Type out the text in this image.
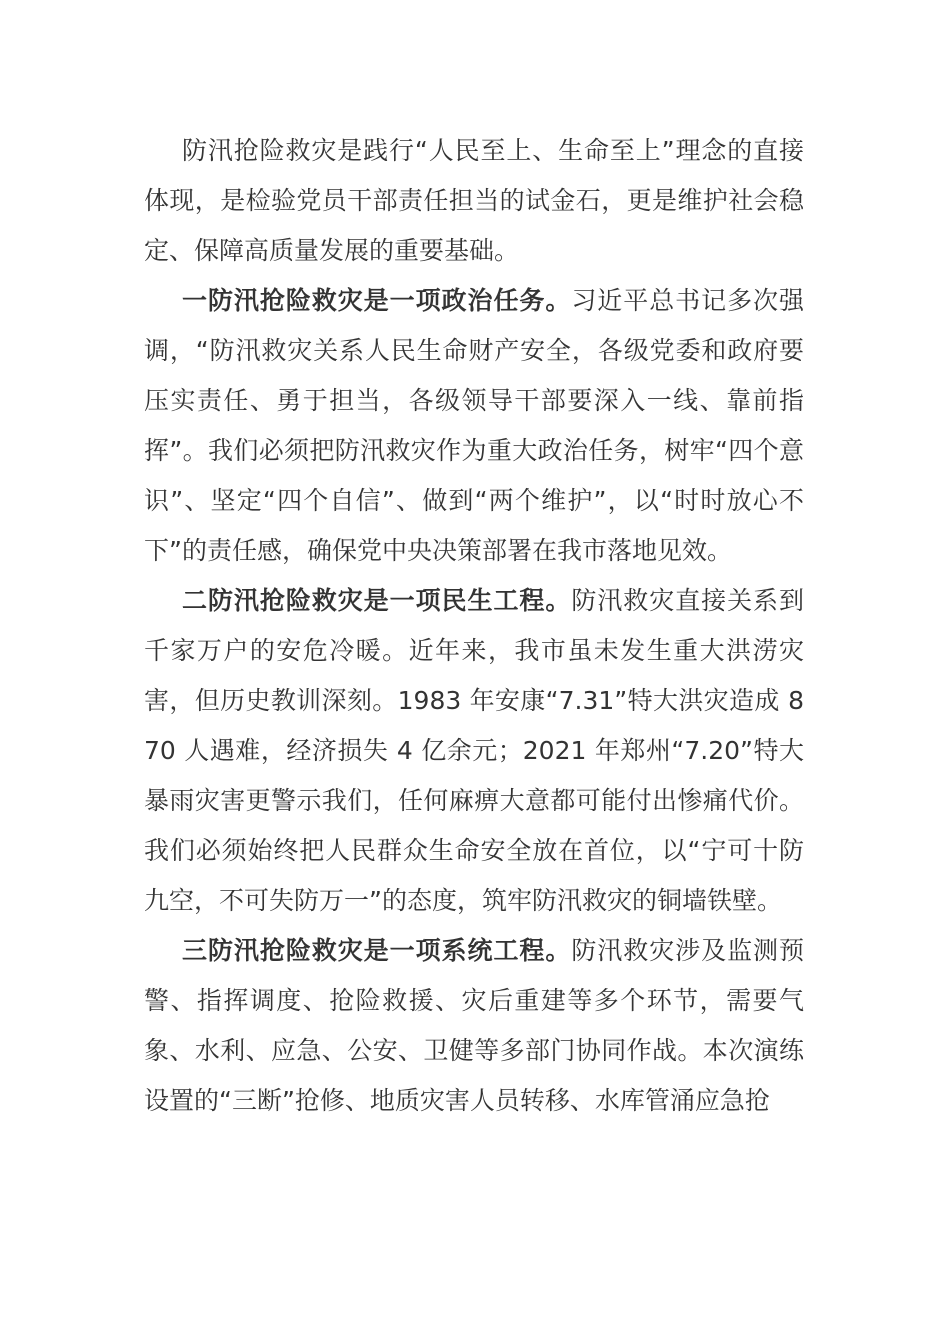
防汛抢险救灾是践行“人民至上、生命至上”理念的直接体现，是检验党员干部责任担当的试金石，更是维护社会稳定、保障高质量发展的重要基础。

一防汛抢险救灾是一项政治任务。习近平总书记多次强调，“防汛救灾关系人民生命财产安全，各级党委和政府要压实责任、勇于担当，各级领导干部要深入一线、靠前指挥”。我们必须把防汛救灾作为重大政治任务，树牢“四个意识”、坚定“四个自信”、做到“两个维护”，以“时时放心不下”的责任感，确保党中央决策部署在我市落地见效。

二防汛抢险救灾是一项民生工程。防汛救灾直接关系到千家万户的安危冷暖。近年来，我市虽未发生重大洪涝灾害，但历史教训深刻。1983 年安康“7.31”特大洪灾造成 870 人遇难，经济损失 4 亿余元；2021 年郑州“7.20”特大暴雨灾害更警示我们，任何麻痹大意都可能付出惨痛代价。我们必须始终把人民群众生命安全放在首位，以“宁可十防九空，不可失防万一”的态度，筑牢防汛救灾的铜墙铁壁。

三防汛抢险救灾是一项系统工程。防汛救灾涉及监测预警、指挥调度、抢险救援、灾后重建等多个环节，需要气象、水利、应急、公安、卫健等多部门协同作战。本次演练设置的“三断”抢修、地质灾害人员转移、水库管涌应急抢
